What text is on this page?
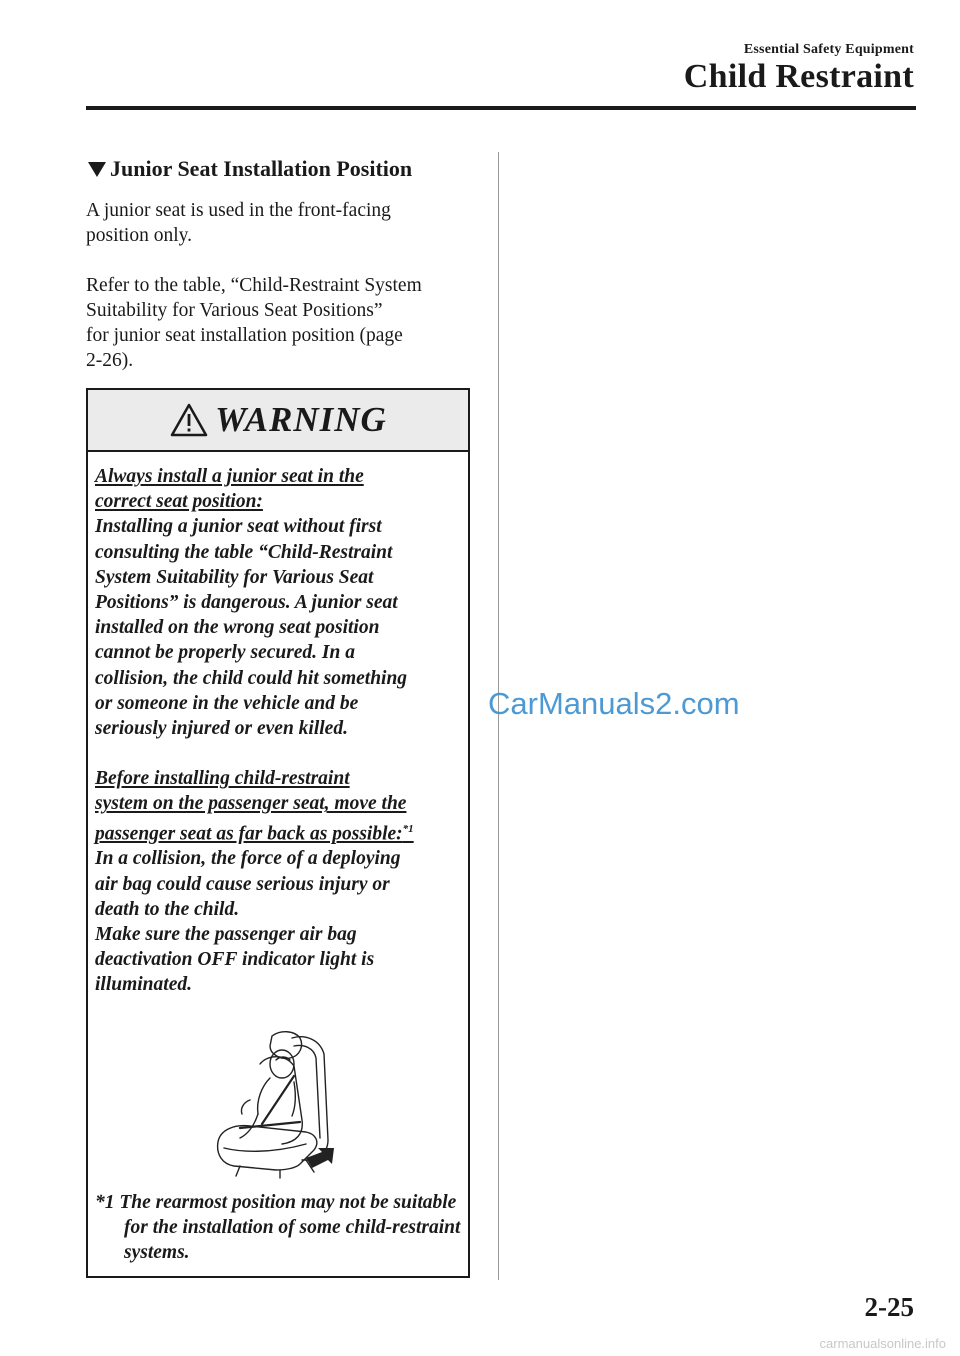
Essential Safety Equipment
Child Restraint
Junior Seat Installation Position
A junior seat is used in the front-facing
position only.
Refer to the table, “Child-Restraint System
Suitability for Various Seat Positions”
for junior seat installation position (page
2-26).
WARNING
Always install a junior seat in the
correct seat position:
Installing a junior seat without first
consulting the table “Child-Restraint
System Suitability for Various Seat
Positions” is dangerous. A junior seat
installed on the wrong seat position
cannot be properly secured. In a
collision, the child could hit something
or someone in the vehicle and be
seriously injured or even killed.
Before installing child-restraint
system on the passenger seat, move the
passenger seat as far back as possible:$^{*1}$
In a collision, the force of a deploying
air bag could cause serious injury or
death to the child.
Make sure the passenger air bag
deactivation OFF indicator light is
illuminated.
*1 The rearmost position may not be suitable for the installation of some child-restraint systems.
CarManuals2.com
2-25
carmanualsonline.info
